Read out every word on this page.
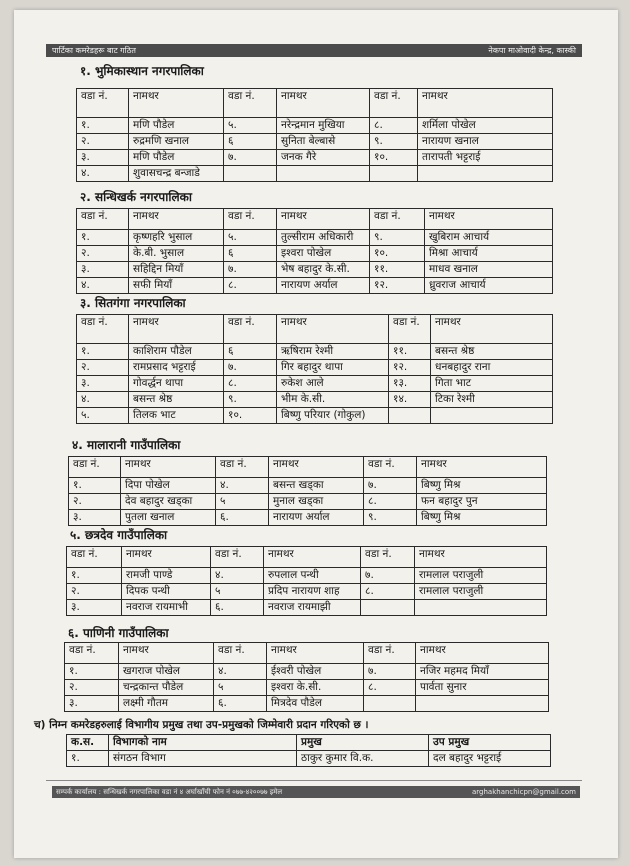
पार्टिका कमरेडहरू बाट गठित	नेकपा माओवादी केन्द्र, कास्की
१. भुमिकास्थान नगरपालिका
वडा नं.	नामथर	वडा नं.	नामथर	वडा नं.	नामथर
१.	मणि पौडेल	५.	नरेन्द्रमान मुखिया	८.	शर्मिला पोखेल
२.	रुद्रमणि खनाल	६	सुनिता बेल्बासे	९.	नारायण खनाल
३.	मणि पौडेल	७.	जनक गैरे	१०.	तारापती भट्टराई
४.	शुवासचन्द्र बन्जाडे				
२. सन्धिखर्क नगरपालिका
वडा नं.	नामथर	वडा नं.	नामथर	वडा नं.	नामथर
१.	कृष्णहरि भुसाल	५.	तुल्सीराम अधिकारी	९.	खुबिराम आचार्य
२.	के.बी. भुसाल	६	इश्वरा पोखेल	१०.	मिश्रा आचार्य
३.	सहिद्दिन मियाँ	७.	भेष बहादुर के.सी.	११.	माधव खनाल
४.	सफी मियाँ	८.	नारायण अर्याल	१२.	ध्रुवराज आचार्य
३. सितगंगा नगरपालिका
वडा नं.	नामथर	वडा नं.	नामथर	वडा नं.	नामथर
१.	काशिराम पौडेल	६	ऋषिराम रेश्मी	११.	बसन्त श्रेष्ठ
२.	रामप्रसाद भट्टराई	७.	गिर बहादुर थापा	१२.	धनबहादुर राना
३.	गोवर्द्धन थापा	८.	रुकेश आले	१३.	गिता भाट
४.	बसन्त श्रेष्ठ	९.	भीम के.सी.	१४.	टिका रेश्मी
५.	तिलक भाट	१०.	बिष्णु परियार (गोकुल)		
४. मालारानी गाउँपालिका
वडा नं.	नामथर	वडा नं.	नामथर	वडा नं.	नामथर
१.	दिपा पोखेल	४.	बसन्त खड्का	७.	बिष्णु मिश्र
२.	देव बहादुर खड्का	५	मुनाल खड्का	८.	फन बहादुर पुन
३.	पुतला खनाल	६.	नारायण अर्याल	९.	बिष्णु मिश्र
५. छत्रदेव गाउँपालिका
वडा नं.	नामथर	वडा नं.	नामथर	वडा नं.	नामथर
१.	रामजी पाण्डे	४.	रुपलाल पन्थी	७.	रामलाल पराजुली
२.	दिपक पन्थी	५	प्रदिप नारायण शाह	८.	रामलाल पराजुली
३.	नवराज रायमाभी	६.	नवराज रायमाझी		
६. पाणिनी गाउँपालिका
वडा नं.	नामथर	वडा नं.	नामथर	वडा नं.	नामथर
१.	खगराज पोखेल	४.	ईश्वरी पोखेल	७.	नजिर महमद मियाँ
२.	चन्द्रकान्त पौडेल	५	इश्वरा के.सी.	८.	पार्वता सुनार
३.	लक्ष्मी गौतम	६.	मित्रदेव पौडेल		
च) निम्न कमरेडहरुलाई विभागीय प्रमुख तथा उप-प्रमुखको जिम्मेवारी प्रदान गरिएको छ ।
क.स.	विभागको नाम	प्रमुख	उप प्रमुख
१.	संगठन विभाग	ठाकुर कुमार वि.क.	दल बहादुर भट्टराई
सम्पर्क कार्यालय : सन्धिखर्क नगरपालिका वडा नं ४ अर्घाखाँची फोन नं ०७७-४२००७७ इमेल	arghakhanchicpn@gmail.com
